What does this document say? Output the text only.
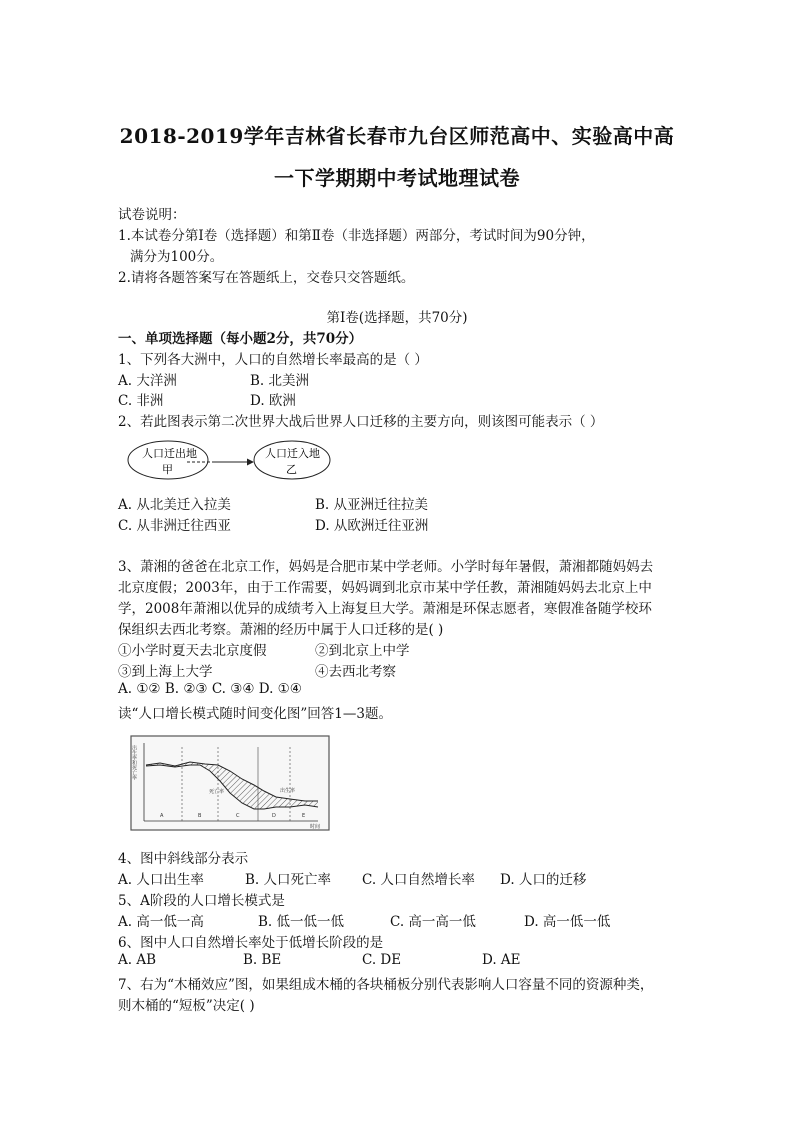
2018-2019学年吉林省长春市九台区师范高中、实验高中高
一下学期期中考试地理试卷
试卷说明：
1.本试卷分第Ⅰ卷（选择题）和第Ⅱ卷（非选择题）两部分，考试时间为90分钟，
满分为100分。
2.请将各题答案写在答题纸上，交卷只交答题纸。
第Ⅰ卷(选择题，共70分)
一、单项选择题（每小题2分，共70分）
1、下列各大洲中，人口的自然增长率最高的是（ ）
A. 大洋洲	B. 北美洲
C. 非洲	D. 欧洲
2、若此图表示第二次世界大战后世界人口迁移的主要方向，则该图可能表示（ ）
人口迁出地
甲
人口迁入地
乙
A. 从北美迁入拉美	B. 从亚洲迁往拉美
C. 从非洲迁往西亚	D. 从欧洲迁往亚洲
3、萧湘的爸爸在北京工作，妈妈是合肥市某中学老师。小学时每年暑假，萧湘都随妈妈去
北京度假；2003年，由于工作需要，妈妈调到北京市某中学任教，萧湘随妈妈去北京上中
学，2008年萧湘以优异的成绩考入上海复旦大学。萧湘是环保志愿者，寒假准备随学校环
保组织去西北考察。萧湘的经历中属于人口迁移的是( )
①小学时夏天去北京度假	②到北京上中学
③到上海上大学	④去西北考察
A. ①② B. ②③ C. ③④ D. ①④
读“人口增长模式随时间变化图”回答1—3题。
出生率和死亡率
死亡率	出生率
时间
A	B	C	D	E
4、图中斜线部分表示
A. 人口出生率	B. 人口死亡率 C. 人口自然增长率 D. 人口的迁移
5、A阶段的人口增长模式是
A. 高一低一高	B. 低一低一低	C. 高一高一低	D. 高一低一低
6、图中人口自然增长率处于低增长阶段的是
A. AB	B. BE	C. DE	D. AE
7、右为“木桶效应”图，如果组成木桶的各块桶板分别代表影响人口容量不同的资源种类，
则木桶的“短板”决定( )
